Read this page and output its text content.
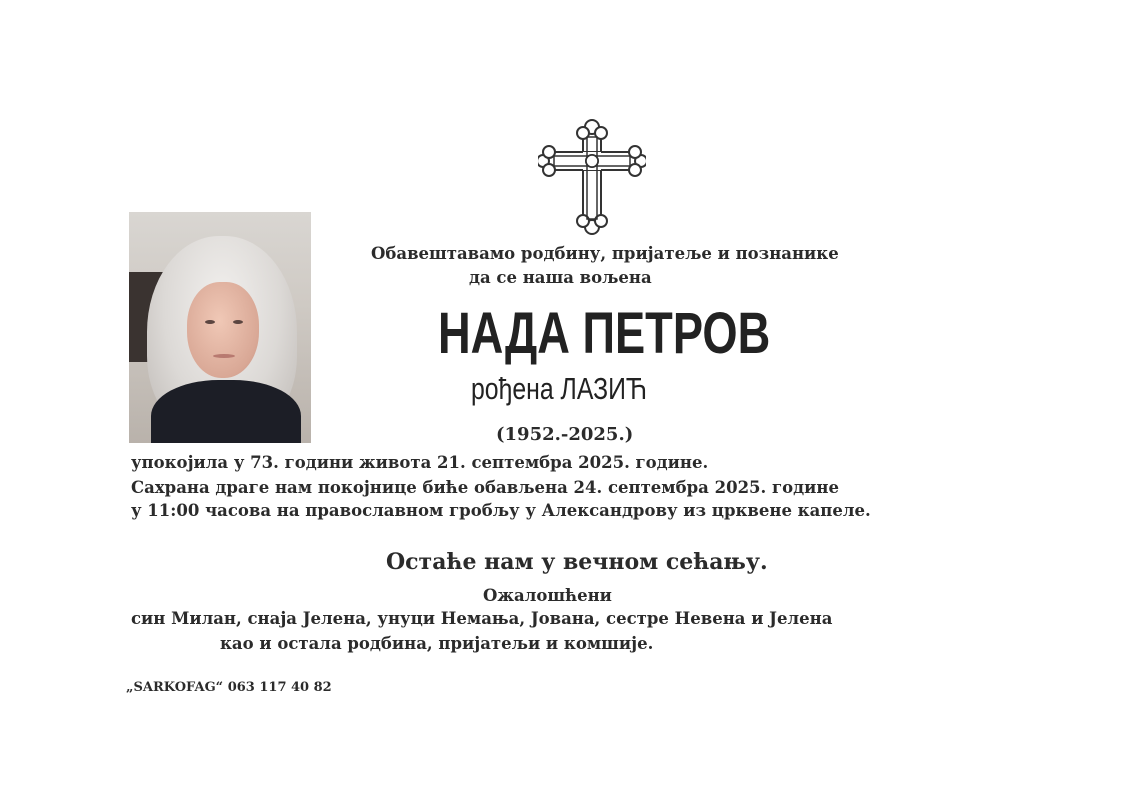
Обавештавамо родбину, пријатеље и познанике
да се наша вољена
НАДА ПЕТРОВ
рођена ЛАЗИЋ
(1952.-2025.)
упокојила у 73. години живота 21. септембра 2025. године.
Сахрана драге нам покојнице биће обављена 24. септембра 2025. године
у 11:00 часова на православном гробљу у Александрову из црквене капеле.
Остаће нам у вечном сећању.
Ожалошћени
син Милан, снаја Јелена, унуци Немања, Јована, сестре Невена и Јелена
као и остала родбина, пријатељи и комшије.
„SARKOFAG“ 063 117 40 82
